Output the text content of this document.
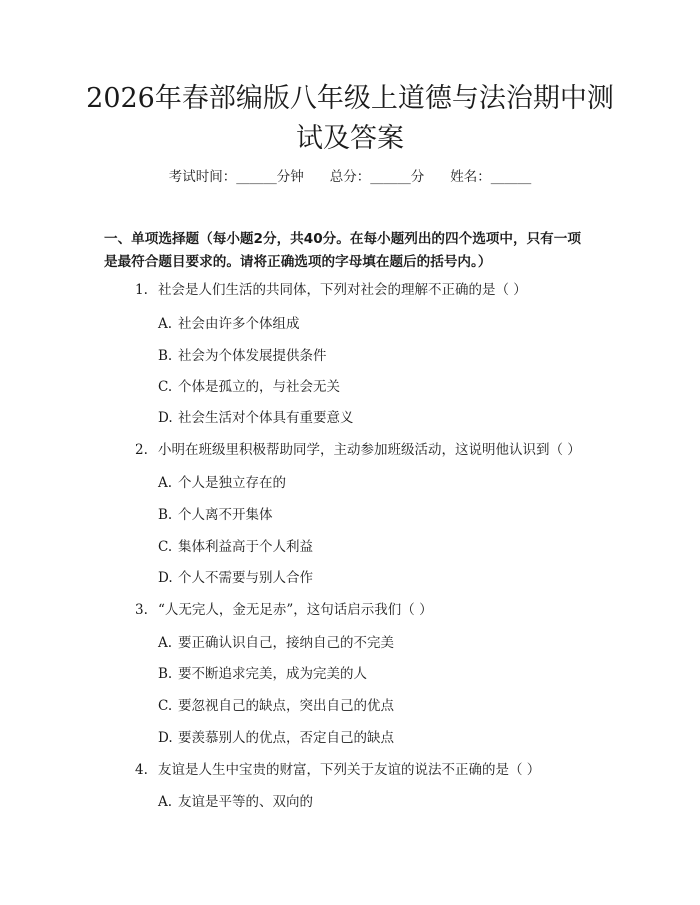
2026年春部编版八年级上道德与法治期中测
试及答案
考试时间：______分钟 总分：______分 姓名：______

一、单项选择题（每小题2分，共40分。在每小题列出的四个选项中，只有一项

是最符合题目要求的。请将正确选项的字母填在题后的括号内。）

1. 社会是人们生活的共同体，下列对社会的理解不正确的是（ ）
A. 社会由许多个体组成
B. 社会为个体发展提供条件
C. 个体是孤立的，与社会无关
D. 社会生活对个体具有重要意义
2. 小明在班级里积极帮助同学，主动参加班级活动，这说明他认识到（ ）
A. 个人是独立存在的
B. 个人离不开集体
C. 集体利益高于个人利益
D. 个人不需要与别人合作
3. “人无完人，金无足赤”，这句话启示我们（ ）
A. 要正确认识自己，接纳自己的不完美
B. 要不断追求完美，成为完美的人
C. 要忽视自己的缺点，突出自己的优点
D. 要羡慕别人的优点，否定自己的缺点
4. 友谊是人生中宝贵的财富，下列关于友谊的说法不正确的是（ ）
A. 友谊是平等的、双向的
